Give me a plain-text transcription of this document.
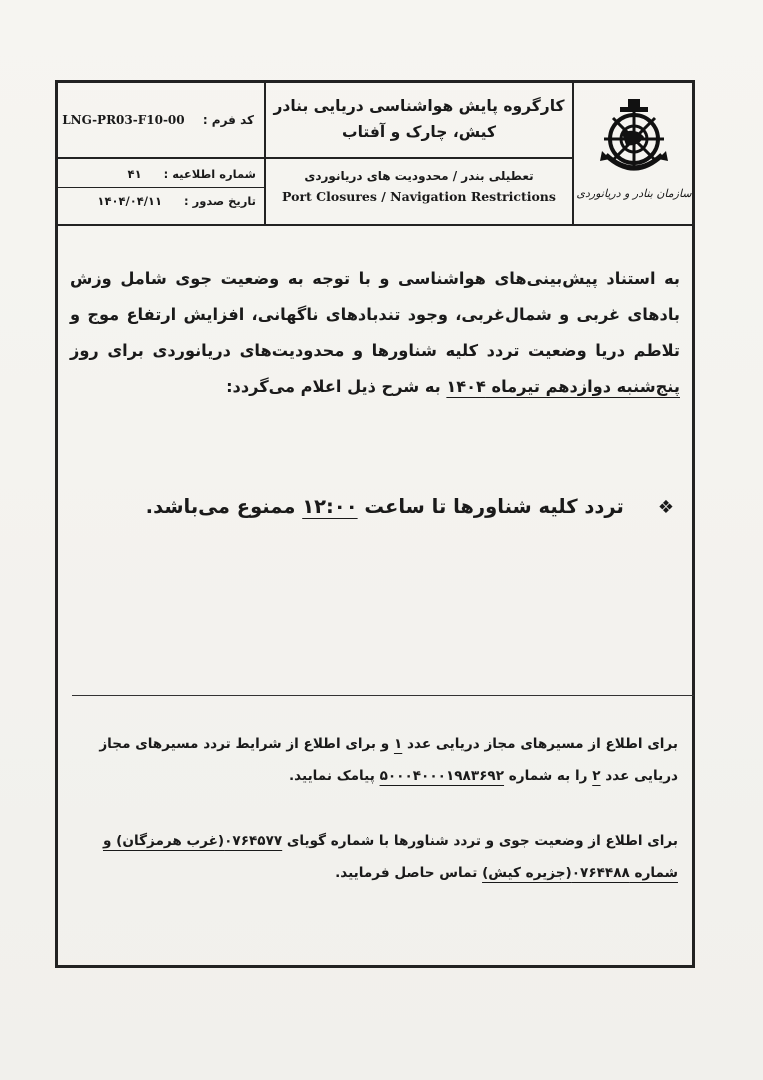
سازمان بنادر و دریانوردی
کارگروه پایش هواشناسی دریایی بنادر
کیش، چارک و آفتاب
تعطیلی بندر / محدودیت های دریانوردی
Port Closures / Navigation Restrictions
کد فرم : LNG-PR03-F10-00
شماره اطلاعیه : ۴۱
تاریخ صدور : ۱۴۰۴/۰۴/۱۱
به استناد پیش‌بینی‌های هواشناسی و با توجه به وضعیت جوی شامل وزش بادهای غربی و شمال‌غربی، وجود تندبادهای ناگهانی، افزایش ارتفاع موج و تلاطم دریا وضعیت تردد کلیه شناورها و محدودیت‌های دریانوردی برای روز پنج‌شنبه دوازدهم تیرماه ۱۴۰۴ به شرح ذیل اعلام می‌گردد:
❖تردد کلیه شناورها تا ساعت ۱۲:۰۰ ممنوع می‌باشد.
برای اطلاع از مسیرهای مجاز دریایی عدد ۱ و برای اطلاع از شرایط تردد مسیرهای مجاز دریایی عدد ۲ را به شماره ۵۰۰۰۴۰۰۰۱۹۸۳۶۹۲ پیامک نمایید.
برای اطلاع از وضعیت جوی و تردد شناورها با شماره گویای ۰۷۶۴۵۷۷(غرب هرمزگان) و شماره ۰۷۶۴۴۸۸(جزیره کیش) تماس حاصل فرمایید.
